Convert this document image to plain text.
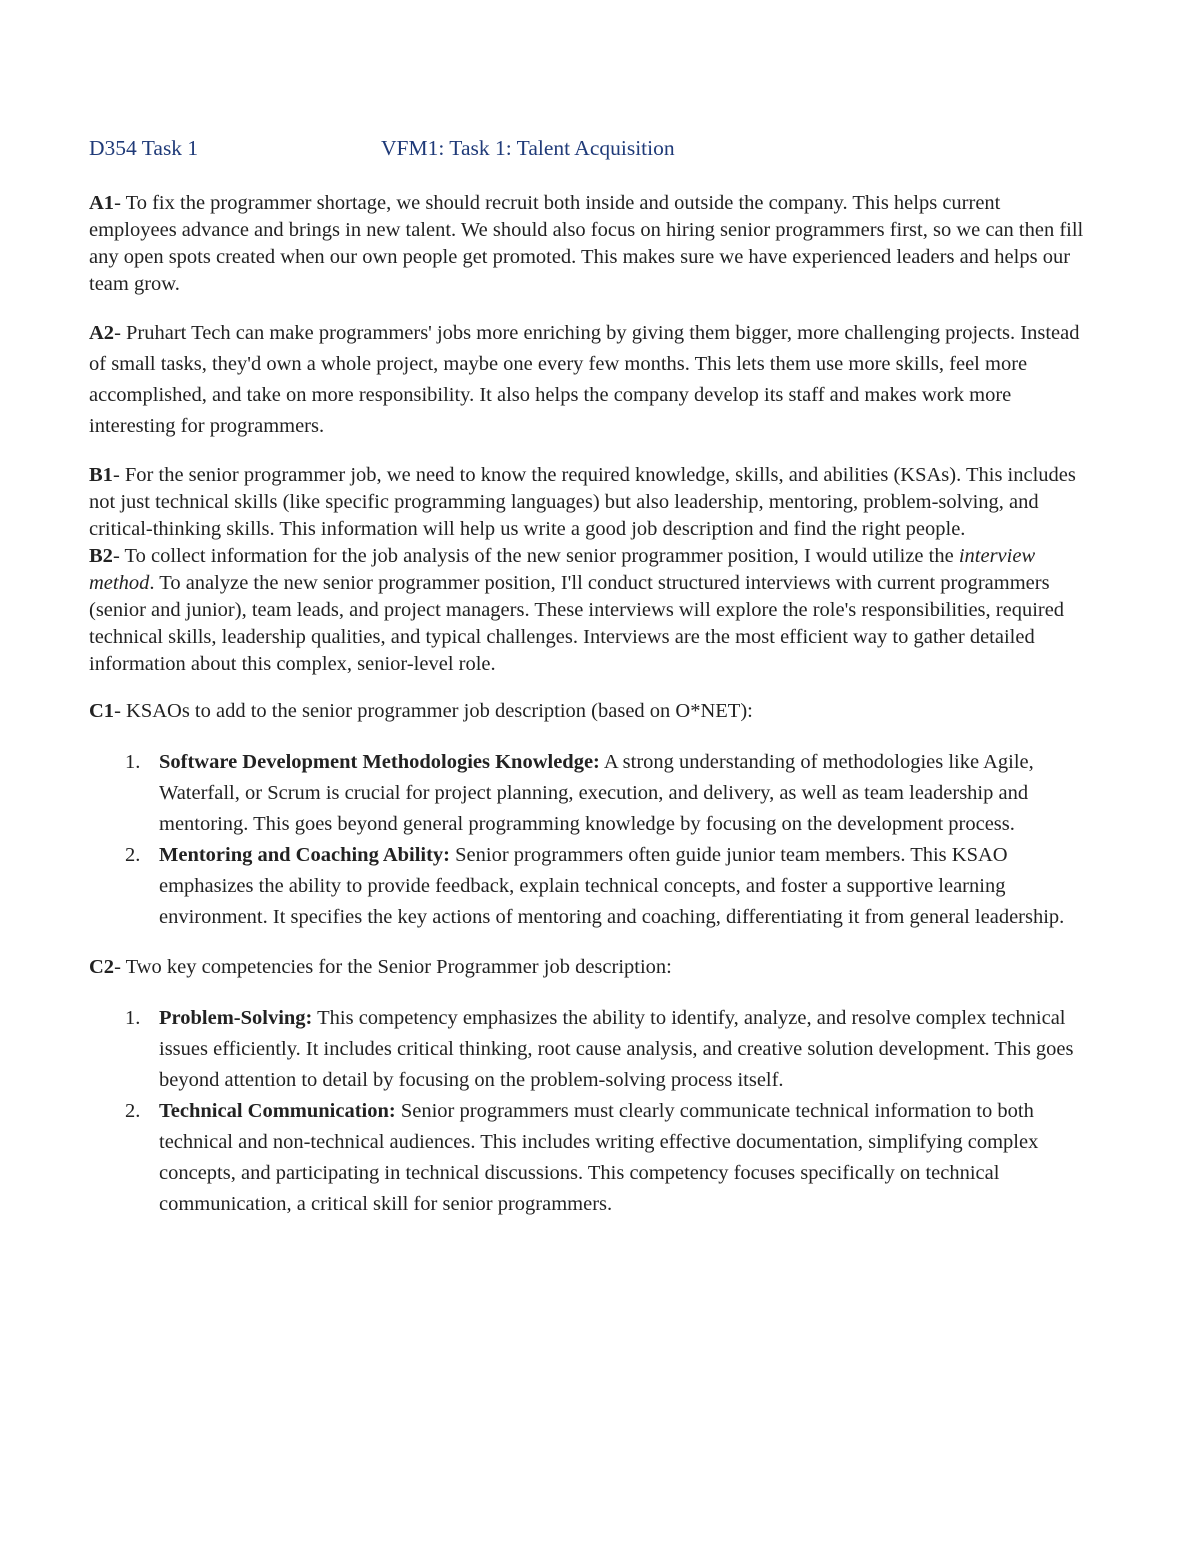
D354 Task 1	VFM1: Task 1: Talent Acquisition

A1- To fix the programmer shortage, we should recruit both inside and outside the company. This helps current employees advance and brings in new talent. We should also focus on hiring senior programmers first, so we can then fill any open spots created when our own people get promoted. This makes sure we have experienced leaders and helps our team grow.

A2- Pruhart Tech can make programmers' jobs more enriching by giving them bigger, more challenging projects. Instead of small tasks, they'd own a whole project, maybe one every few months. This lets them use more skills, feel more accomplished, and take on more responsibility. It also helps the company develop its staff and makes work more interesting for programmers.

B1- For the senior programmer job, we need to know the required knowledge, skills, and abilities (KSAs). This includes not just technical skills (like specific programming languages) but also leadership, mentoring, problem-solving, and critical-thinking skills. This information will help us write a good job description and find the right people.

B2- To collect information for the job analysis of the new senior programmer position, I would utilize the interview method. To analyze the new senior programmer position, I'll conduct structured interviews with current programmers (senior and junior), team leads, and project managers. These interviews will explore the role's responsibilities, required technical skills, leadership qualities, and typical challenges. Interviews are the most efficient way to gather detailed information about this complex, senior-level role.

C1- KSAOs to add to the senior programmer job description (based on O*NET):

1. Software Development Methodologies Knowledge: A strong understanding of methodologies like Agile, Waterfall, or Scrum is crucial for project planning, execution, and delivery, as well as team leadership and mentoring. This goes beyond general programming knowledge by focusing on the development process.
2. Mentoring and Coaching Ability: Senior programmers often guide junior team members. This KSAO emphasizes the ability to provide feedback, explain technical concepts, and foster a supportive learning environment. It specifies the key actions of mentoring and coaching, differentiating it from general leadership.

C2- Two key competencies for the Senior Programmer job description:

1. Problem-Solving: This competency emphasizes the ability to identify, analyze, and resolve complex technical issues efficiently. It includes critical thinking, root cause analysis, and creative solution development. This goes beyond attention to detail by focusing on the problem-solving process itself.
2. Technical Communication: Senior programmers must clearly communicate technical information to both technical and non-technical audiences. This includes writing effective documentation, simplifying complex concepts, and participating in technical discussions. This competency focuses specifically on technical communication, a critical skill for senior programmers.
